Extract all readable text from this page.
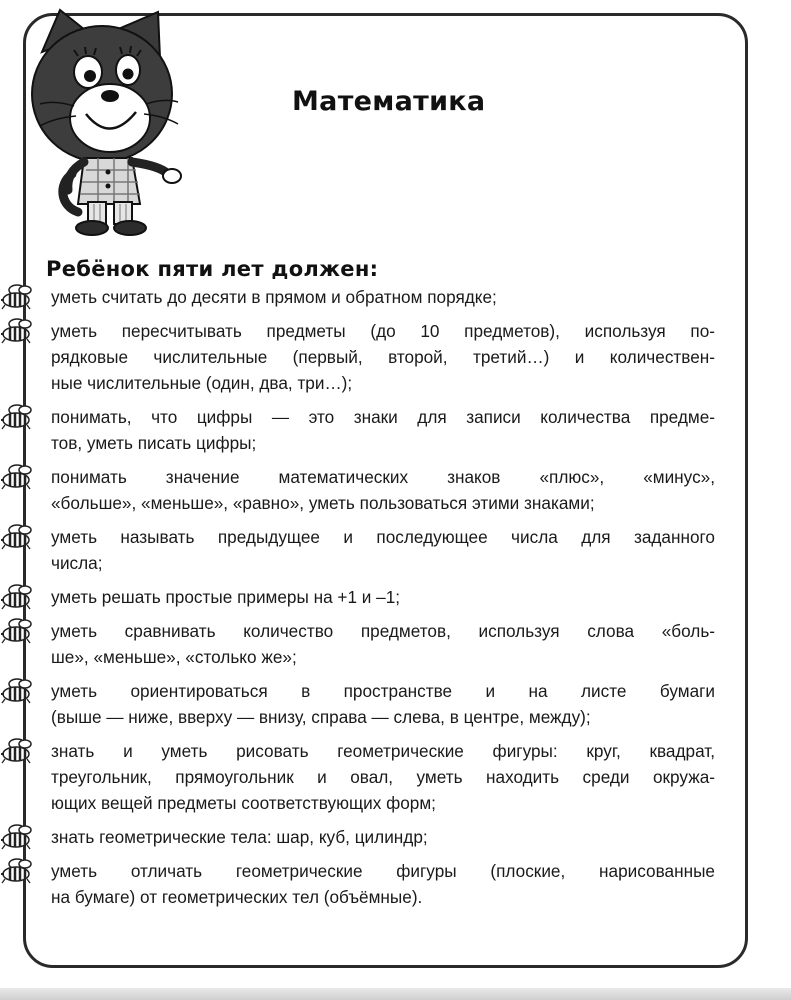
Математика
Ребёнок пяти лет должен:
уметь считать до десяти в прямом и обратном порядке;
уметь пересчитывать предметы (до 10 предметов), используя по-
рядковые числительные (первый, второй, третий…) и количествен-
ные числительные (один, два, три…);
понимать, что цифры — это знаки для записи количества предме-
тов, уметь писать цифры;
понимать значение математических знаков «плюс», «минус»,
«больше», «меньше», «равно», уметь пользоваться этими знаками;
уметь называть предыдущее и последующее числа для заданного
числа;
уметь решать простые примеры на +1 и –1;
уметь сравнивать количество предметов, используя слова «боль-
ше», «меньше», «столько же»;
уметь ориентироваться в пространстве и на листе бумаги
(выше — ниже, вверху — внизу, справа — слева, в центре, между);
знать и уметь рисовать геометрические фигуры: круг, квадрат,
треугольник, прямоугольник и овал, уметь находить среди окружа-
ющих вещей предметы соответствующих форм;
знать геометрические тела: шар, куб, цилиндр;
уметь отличать геометрические фигуры (плоские, нарисованные
на бумаге) от геометрических тел (объёмные).
